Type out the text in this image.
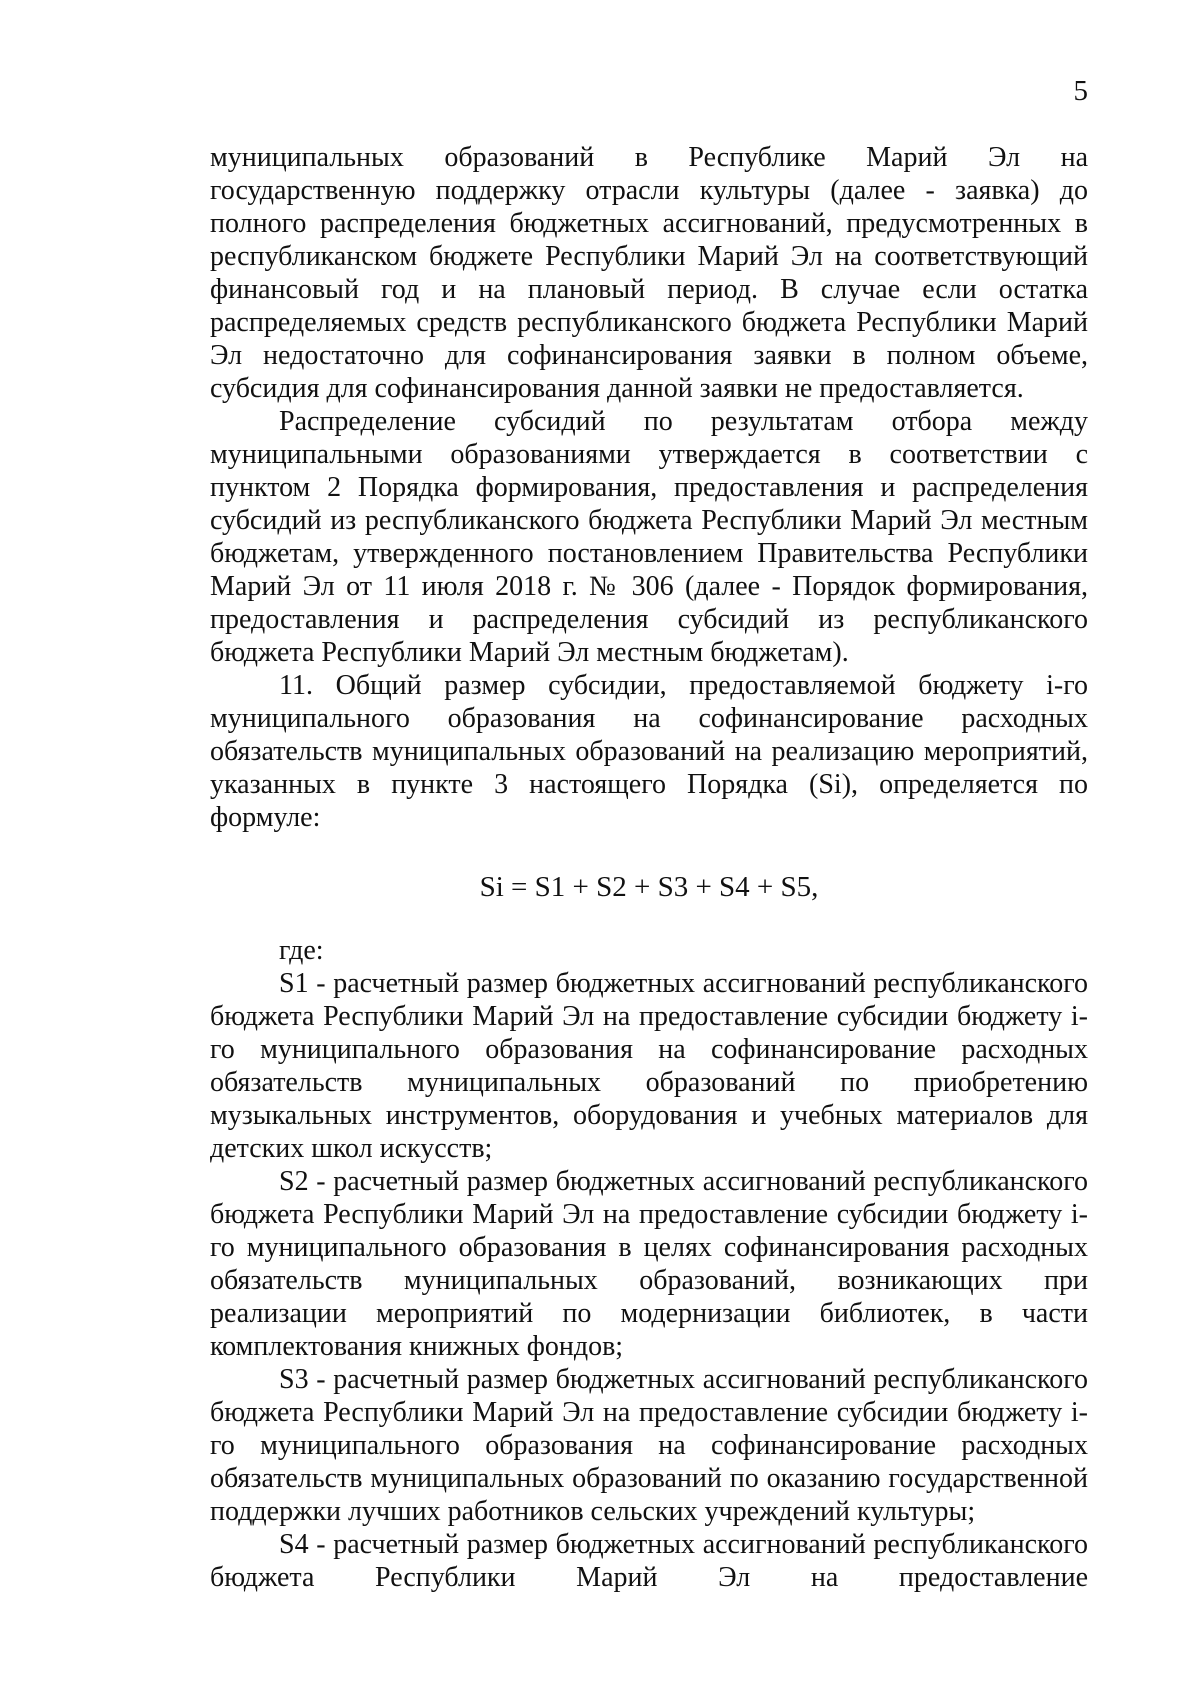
5

муниципальных образований в Республике Марий Эл на государственную поддержку отрасли культуры (далее - заявка) до полного распределения бюджетных ассигнований, предусмотренных в республиканском бюджете Республики Марий Эл на соответствующий финансовый год и на плановый период. В случае если остатка распределяемых средств республиканского бюджета Республики Марий Эл недостаточно для софинансирования заявки в полном объеме, субсидия для софинансирования данной заявки не предоставляется.

Распределение субсидий по результатам отбора между муниципальными образованиями утверждается в соответствии с пунктом 2 Порядка формирования, предоставления и распределения субсидий из республиканского бюджета Республики Марий Эл местным бюджетам, утвержденного постановлением Правительства Республики Марий Эл от 11 июля 2018 г. № 306 (далее - Порядок формирования, предоставления и распределения субсидий из республиканского бюджета Республики Марий Эл местным бюджетам).

11. Общий размер субсидии, предоставляемой бюджету i-го муниципального образования на софинансирование расходных обязательств муниципальных образований на реализацию мероприятий, указанных в пункте 3 настоящего Порядка (Si), определяется по формуле:

Si = S1 + S2 + S3 + S4 + S5,

где:

S1 - расчетный размер бюджетных ассигнований республиканского бюджета Республики Марий Эл на предоставление субсидии бюджету i-го муниципального образования на софинансирование расходных обязательств муниципальных образований по приобретению музыкальных инструментов, оборудования и учебных материалов для детских школ искусств;

S2 - расчетный размер бюджетных ассигнований республиканского бюджета Республики Марий Эл на предоставление субсидии бюджету i-го муниципального образования в целях софинансирования расходных обязательств муниципальных образований, возникающих при реализации мероприятий по модернизации библиотек, в части комплектования книжных фондов;

S3 - расчетный размер бюджетных ассигнований республиканского бюджета Республики Марий Эл на предоставление субсидии бюджету i-го муниципального образования на софинансирование расходных обязательств муниципальных образований по оказанию государственной поддержки лучших работников сельских учреждений культуры;

S4 - расчетный размер бюджетных ассигнований республиканского бюджета Республики Марий Эл на предоставление
